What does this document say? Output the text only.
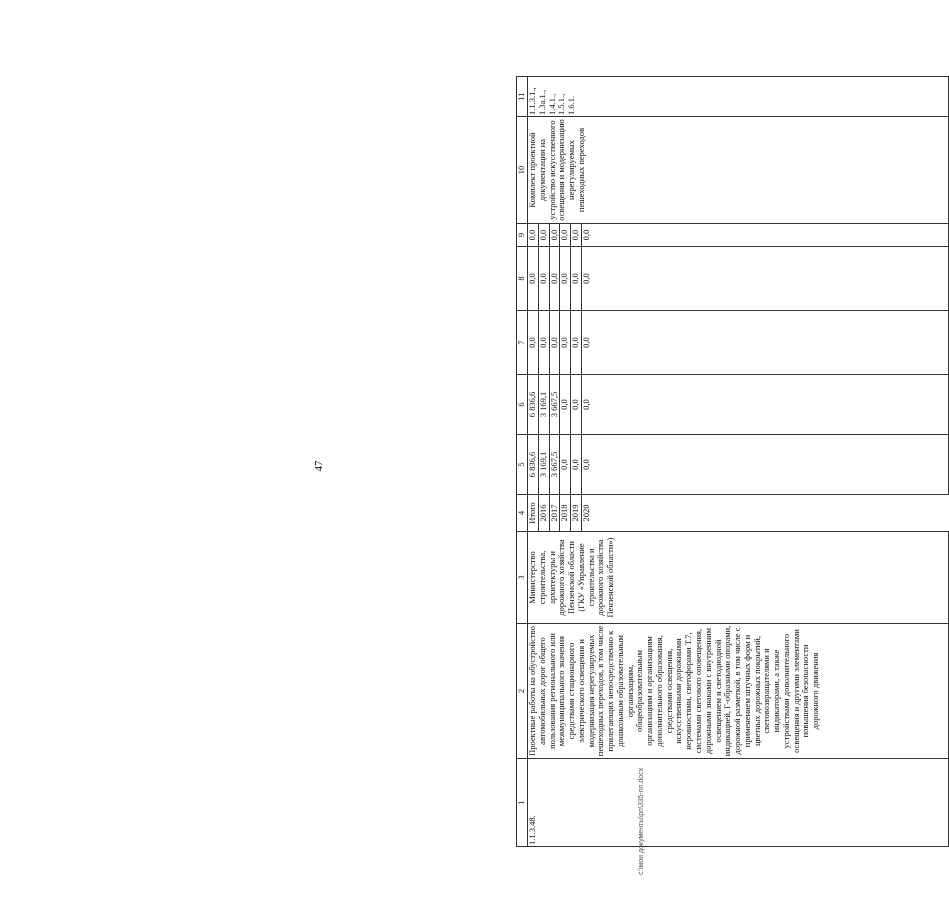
47
1	2	3	4	5	6	7	8	9	10	11
1.1.3.48.	Проектные работы на обустройство автомобильных дорог общего пользования регионального или межмуниципального значения средствами стационарного электрического освещения и модернизация нерегулируемых пешеходных переходов, в том числе прилегающих непосредственно к дошкольным образовательным организациям, общеобразовательным организациям и организациям дополнительного образования, средствами освещения, искусственными дорожными неровностями, светофорами Т.7, системами светового оповещения, дорожными знаками с внутренним освещением и светодиодной индикацией, Г-образными опорами, дорожной разметкой, в том числе с применением штучных форм и цветных дорожных покрытий, световозвращателями и индикаторами, а также устройствами дополнительного освещения и другими элементами повышения безопасности дорожного движения	Министерство строительства, архитектуры и дорожного хозяйства Пензенской области (ГКУ «Управление строительства и дорожного хозяйства Пензенской области»)	Итого	6 836,6	6 836,6	0,0	0,0	0,0	Комплект проектной документации на устройство искусственного освещения и модернизацию нерегулируемых пешеходных переходов	1.1.3.1., 1.3а.1., 1.4.1., 1.5.1., 1.6.1.
			2016	3 169,1	3 169,1	0,0	0,0	0,0		
			2017	3 667,5	3 667,5	0,0	0,0	0,0		
			2018	0,0	0,0	0,0	0,0	0,0		
			2019	0,0	0,0	0,0	0,0	0,0		
			2020	0,0	0,0	0,0	0,0	0,0		
c:\мои документы\рп\335-пп.docx
